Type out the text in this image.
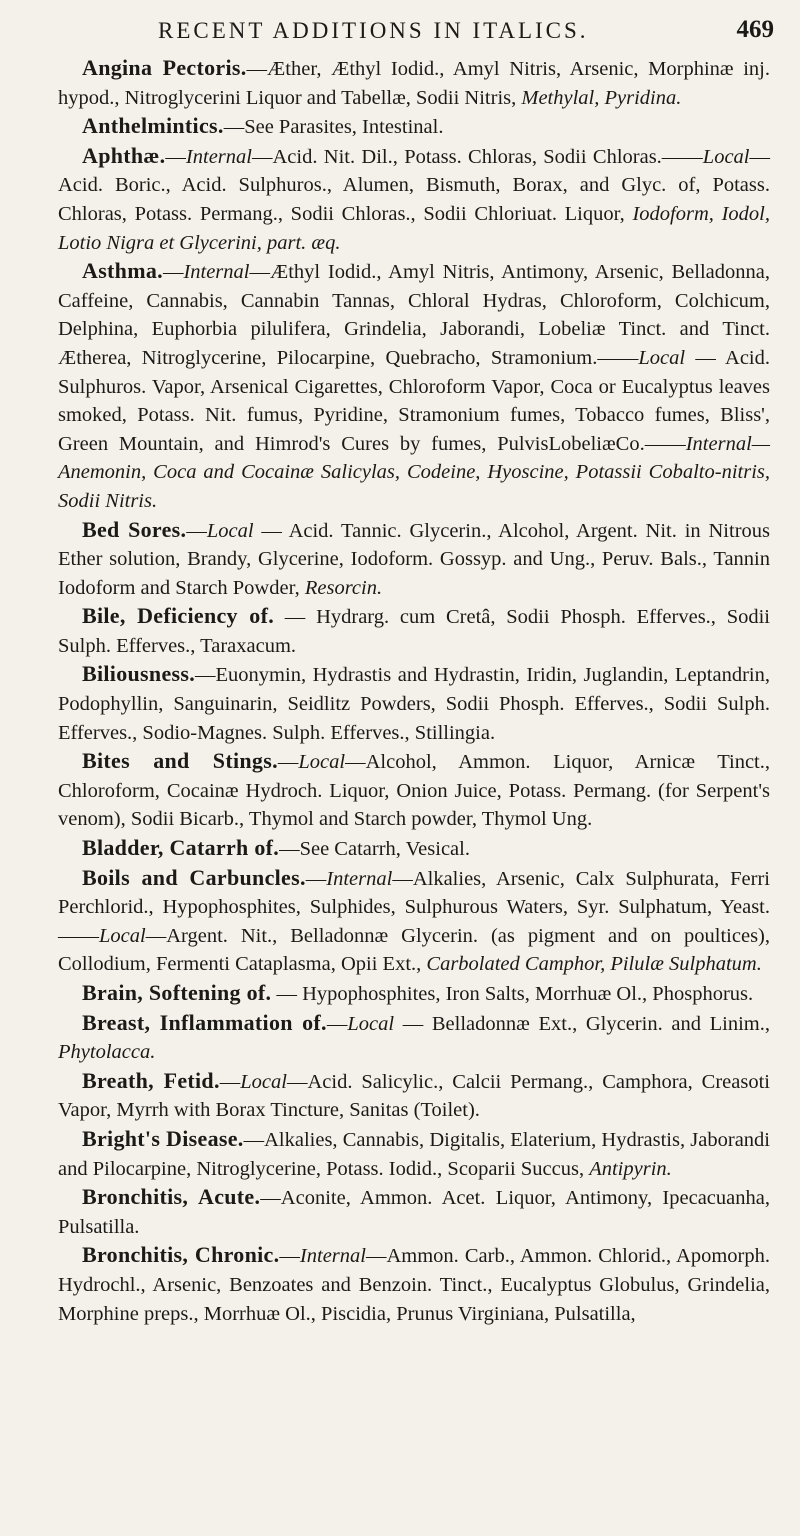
RECENT ADDITIONS IN ITALICS.	469

Angina Pectoris.—Æther, Æthyl Iodid., Amyl Nitris, Arsenic, Morphinæ inj. hypod., Nitroglycerini Liquor and Tabellæ, Sodii Nitris, Methylal, Pyridina.

Anthelmintics.—See Parasites, Intestinal.

Aphthæ.—Internal—Acid. Nit. Dil., Potass. Chloras, Sodii Chloras.——Local—Acid. Boric., Acid. Sulphuros., Alumen, Bismuth, Borax, and Glyc. of, Potass. Chloras, Potass. Permang., Sodii Chloras., Sodii Chloriuat. Liquor, Iodoform, Iodol, Lotio Nigra et Glycerini, part. æq.

Asthma.—Internal—Æthyl Iodid., Amyl Nitris, Antimony, Arsenic, Belladonna, Caffeine, Cannabis, Cannabin Tannas, Chloral Hydras, Chloroform, Colchicum, Delphina, Euphorbia pilulifera, Grindelia, Jaborandi, Lobeliæ Tinct. and Tinct. Ætherea, Nitroglycerine, Pilocarpine, Quebracho, Stramonium.——Local — Acid. Sulphuros. Vapor, Arsenical Cigarettes, Chloroform Vapor, Coca or Eucalyptus leaves smoked, Potass. Nit. fumus, Pyridine, Stramonium fumes, Tobacco fumes, Bliss', Green Mountain, and Himrod's Cures by fumes, PulvisLobeliæCo.——Internal—Anemonin, Coca and Cocainæ Salicylas, Codeine, Hyoscine, Potassii Cobalto-nitris, Sodii Nitris.

Bed Sores.—Local — Acid. Tannic. Glycerin., Alcohol, Argent. Nit. in Nitrous Ether solution, Brandy, Glycerine, Iodoform. Gossyp. and Ung., Peruv. Bals., Tannin Iodoform and Starch Powder, Resorcin.

Bile, Deficiency of. — Hydrarg. cum Cretâ, Sodii Phosph. Efferves., Sodii Sulph. Efferves., Taraxacum.

Biliousness.—Euonymin, Hydrastis and Hydrastin, Iridin, Juglandin, Leptandrin, Podophyllin, Sanguinarin, Seidlitz Powders, Sodii Phosph. Efferves., Sodii Sulph. Efferves., Sodio-Magnes. Sulph. Efferves., Stillingia.

Bites and Stings.—Local—Alcohol, Ammon. Liquor, Arnicæ Tinct., Chloroform, Cocainæ Hydroch. Liquor, Onion Juice, Potass. Permang. (for Serpent's venom), Sodii Bicarb., Thymol and Starch powder, Thymol Ung.

Bladder, Catarrh of.—See Catarrh, Vesical.

Boils and Carbuncles.—Internal—Alkalies, Arsenic, Calx Sulphurata, Ferri Perchlorid., Hypophosphites, Sulphides, Sulphurous Waters, Syr. Sulphatum, Yeast.——Local—Argent. Nit., Belladonnæ Glycerin. (as pigment and on poultices), Collodium, Fermenti Cataplasma, Opii Ext., Carbolated Camphor, Pilulæ Sulphatum.

Brain, Softening of. — Hypophosphites, Iron Salts, Morrhuæ Ol., Phosphorus.

Breast, Inflammation of.—Local — Belladonnæ Ext., Glycerin. and Linim., Phytolacca.

Breath, Fetid.—Local—Acid. Salicylic., Calcii Permang., Camphora, Creasoti Vapor, Myrrh with Borax Tincture, Sanitas (Toilet).

Bright's Disease.—Alkalies, Cannabis, Digitalis, Elaterium, Hydrastis, Jaborandi and Pilocarpine, Nitroglycerine, Potass. Iodid., Scoparii Succus, Antipyrin.

Bronchitis, Acute.—Aconite, Ammon. Acet. Liquor, Antimony, Ipecacuanha, Pulsatilla.

Bronchitis, Chronic.—Internal—Ammon. Carb., Ammon. Chlorid., Apomorph. Hydrochl., Arsenic, Benzoates and Benzoin. Tinct., Eucalyptus Globulus, Grindelia, Morphine preps., Morrhuæ Ol., Piscidia, Prunus Virginiana, Pulsatilla,
